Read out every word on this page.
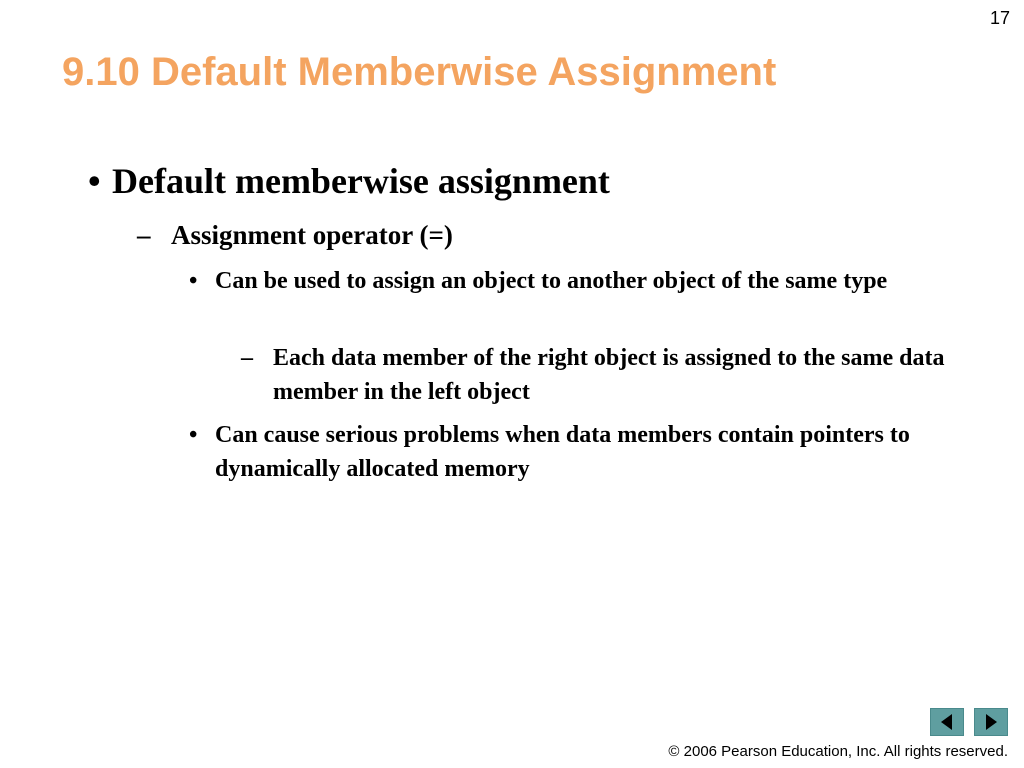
17
9.10 Default Memberwise Assignment
• Default memberwise assignment
– Assignment operator (=)
• Can be used to assign an object to another object of the same type
– Each data member of the right object is assigned to the same data member in the left object
• Can cause serious problems when data members contain pointers to dynamically allocated memory
© 2006 Pearson Education, Inc. All rights reserved.
